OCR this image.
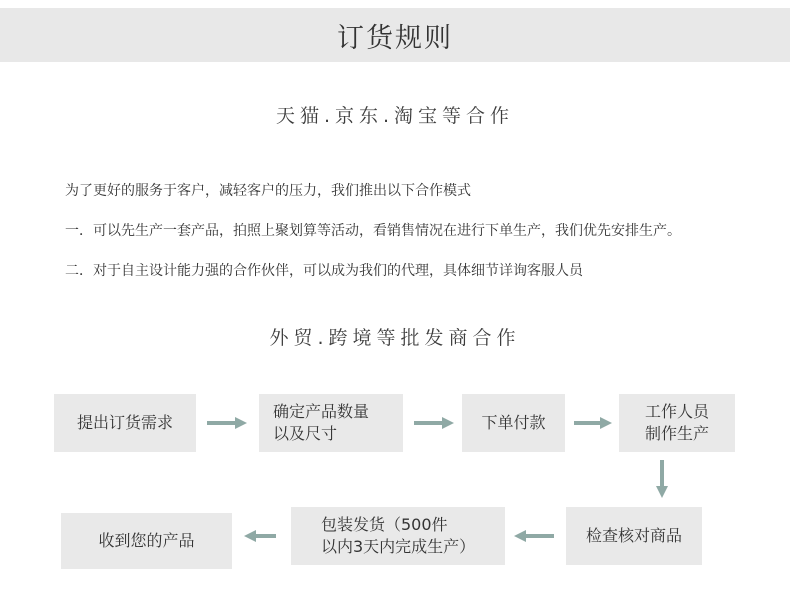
订货规则
天猫.京东.淘宝等合作
为了更好的服务于客户，减轻客户的压力，我们推出以下合作模式
一．可以先生产一套产品，拍照上聚划算等活动，看销售情况在进行下单生产，我们优先安排生产。
二．对于自主设计能力强的合作伙伴，可以成为我们的代理，具体细节详询客服人员
外贸.跨境等批发商合作
提出订货需求
确定产品数量
以及尺寸
下单付款
工作人员
制作生产
检查核对商品
包装发货（500件
以内3天内完成生产）
收到您的产品
